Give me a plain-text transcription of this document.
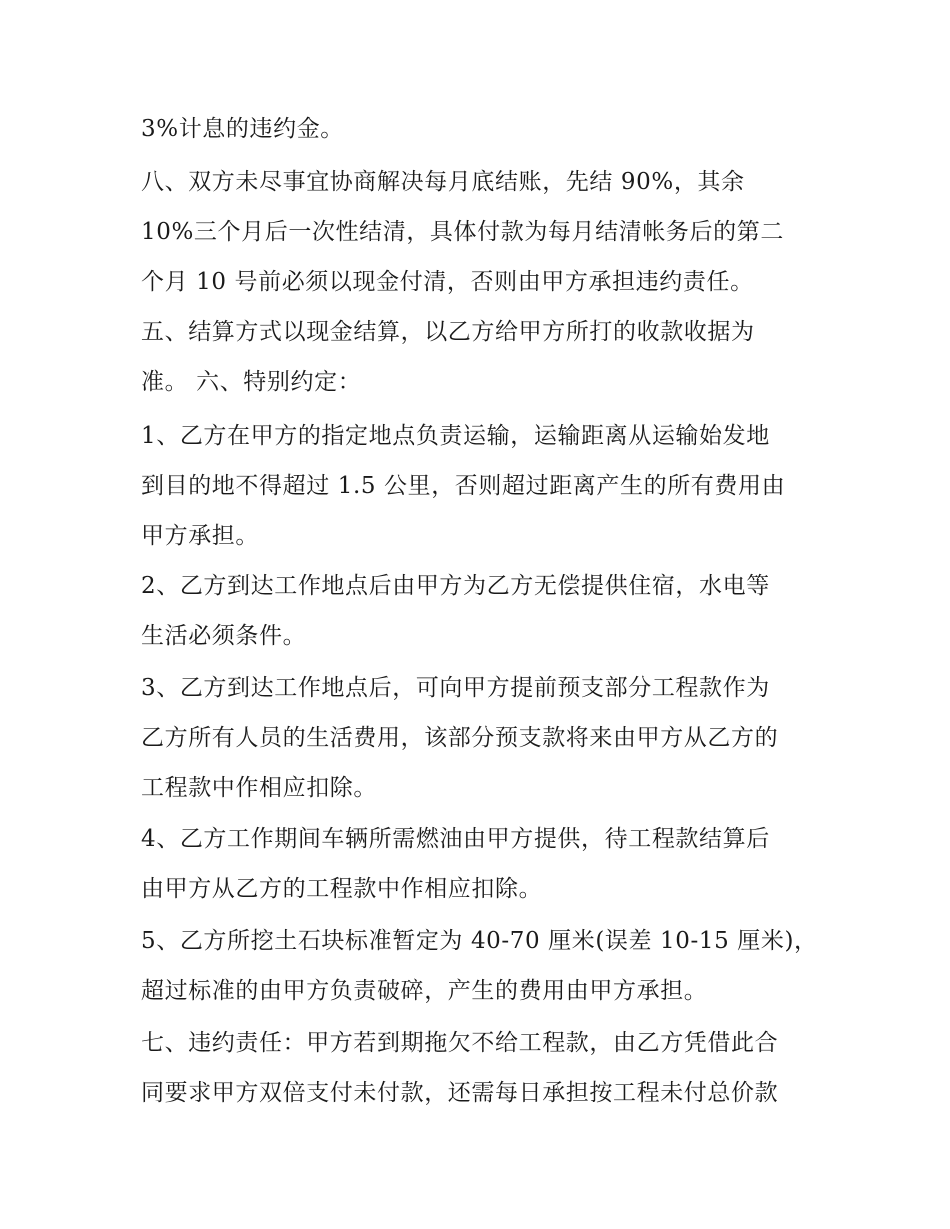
3%计息的违约金。
八、双方未尽事宜协商解决每月底结账，先结 90%，其余
10%三个月后一次性结清，具体付款为每月结清帐务后的第二
个月 10 号前必须以现金付清，否则由甲方承担违约责任。
五、结算方式以现金结算，以乙方给甲方所打的收款收据为
准。 六、特别约定：
1、乙方在甲方的指定地点负责运输，运输距离从运输始发地
到目的地不得超过 1.5 公里，否则超过距离产生的所有费用由
甲方承担。
2、乙方到达工作地点后由甲方为乙方无偿提供住宿，水电等
生活必须条件。
3、乙方到达工作地点后，可向甲方提前预支部分工程款作为
乙方所有人员的生活费用，该部分预支款将来由甲方从乙方的
工程款中作相应扣除。
4、乙方工作期间车辆所需燃油由甲方提供，待工程款结算后
由甲方从乙方的工程款中作相应扣除。
5、乙方所挖土石块标准暂定为 40-70 厘米(误差 10-15 厘米)，
超过标准的由甲方负责破碎，产生的费用由甲方承担。
七、违约责任：甲方若到期拖欠不给工程款，由乙方凭借此合
同要求甲方双倍支付未付款，还需每日承担按工程未付总价款
